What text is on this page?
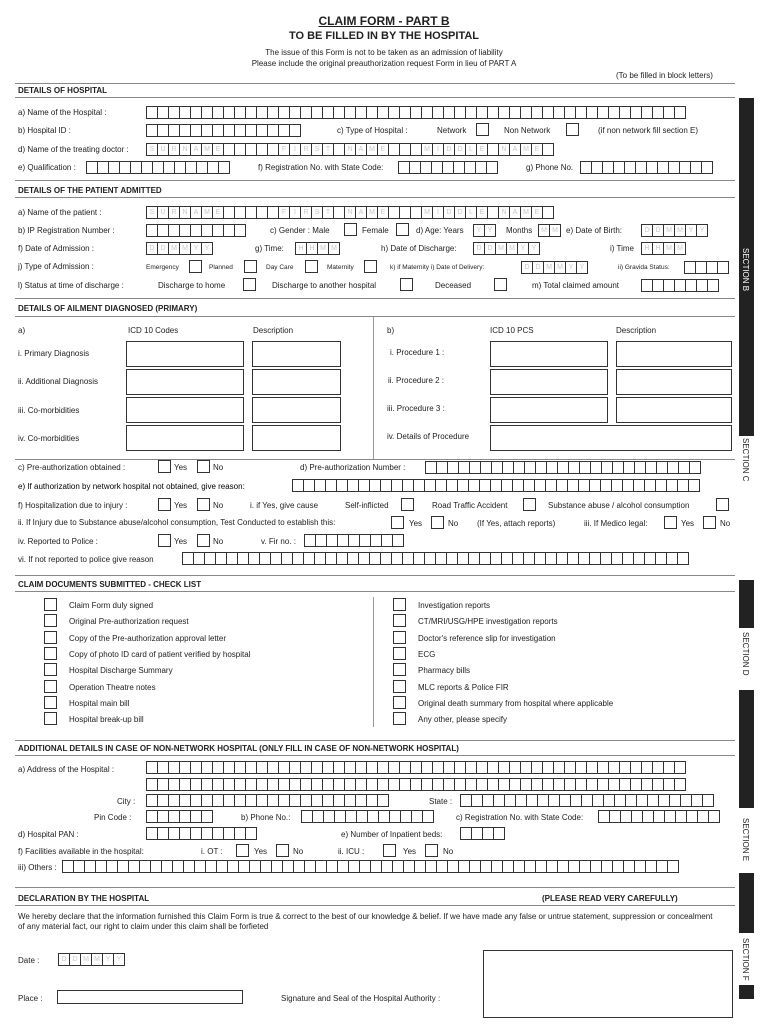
CLAIM FORM - PART B
TO BE FILLED IN BY THE HOSPITAL
The issue of this Form is not to be taken as an admission of liability
Please include the original preauthorization request Form in lieu of PART A
(To be filled in block letters)
SECTION A
SECTION B
SECTION C
SECTION D
SECTION E
SECTION F
DETAILS OF HOSPITAL
a) Name of the Hospital :
b) Hospital ID :	c) Type of Hospital :	Network	Non Network	(if non network fill section E)
d) Name of the treating doctor :	S U R N A M E	F	I	R S T	N A M E	M	I	D D L E	N A M E
e) Qualification :	f) Registration No. with State Code:	g) Phone No.
DETAILS OF THE PATIENT ADMITTED
a) Name of the patient :	S U R N A M E	F	I	R S T	N A M E	M	I	D D L E	N A M E
b) IP Registration Number :	c) Gender : Male	Female	d) Age: Years	Y Y	Months	M M	e) Date of Birth:	D D M M Y Y
f) Date of Admission :	D D M M Y Y	g) Time:	H H M M	h) Date of Discharge:	D D M M Y Y	i) Time	H H M M
j) Type of Admission :	Emergency	Planned	Day Care	Maternity	k) if Maternity i) Date of Delivery:	D D M M Y Y	ii) Gravida Status:
l) Status at time of discharge :	Discharge to home	Discharge to another hospital	Deceased	m) Total claimed amount
DETAILS OF AILMENT DIAGNOSED (PRIMARY)
a)	ICD 10 Codes	Description	b)	ICD 10 PCS	Description
i. Primary Diagnosis
ii. Additional Diagnosis
iii. Co-morbidities
iv. Co-morbidities
i. Procedure 1 :
ii. Procedure 2 :
iii. Procedure 3 :
iv. Details of Procedure
c) Pre-authorization obtained :	Yes	No	d) Pre-authorization Number :
e) If authorization by network hospital not obtained, give reason:
f) Hospitalization due to injury :	Yes	No	i. if Yes, give cause	Self-inflicted	Road Traffic Accident	Substance abuse / alcohol consumption
ii. If Injury due to Substance abuse/alcohol consumption, Test Conducted to establish this:	Yes	No (If Yes, attach reports)	iii. If Medico legal:	Yes	No
iv. Reported to Police :	Yes	No	v. Fir no. :
vi. If not reported to police give reason
CLAIM DOCUMENTS SUBMITTED - CHECK LIST
Claim Form duly signed
Original Pre-authorization request
Copy of the Pre-authorization approval letter
Copy of photo ID card of patient verified by hospital
Hospital Discharge Summary
Operation Theatre notes
Hospital main bill
Hospital break-up bill
Investigation reports
CT/MRI/USG/HPE investigation reports
Doctor's reference slip for investigation
ECG
Pharmacy bills
MLC reports & Police FIR
Original death summary from hospital where applicable
Any other, please specify
ADDITIONAL DETAILS IN CASE OF NON-NETWORK HOSPITAL (ONLY FILL IN CASE OF NON-NETWORK HOSPITAL)
a) Address of the Hospital :
City :	State :
Pin Code :	b) Phone No.:	c) Registration No. with State Code:
d) Hospital PAN :	e) Number of Inpatient beds:
f) Facilities available in the hospital:	i. OT :	Yes	No	ii. ICU :	Yes	No
iii) Others :
DECLARATION BY THE HOSPITAL	(PLEASE READ VERY CAREFULLY)
We hereby declare that the information furnished this Claim Form is true & correct to the best of our knowledge & belief. If we have made any false or untrue statement, suppression or concealment of any material fact, our right to claim under this claim shall be forfieted
Date :	D D M M Y Y
Place :	Signature and Seal of the Hospital Authority :
